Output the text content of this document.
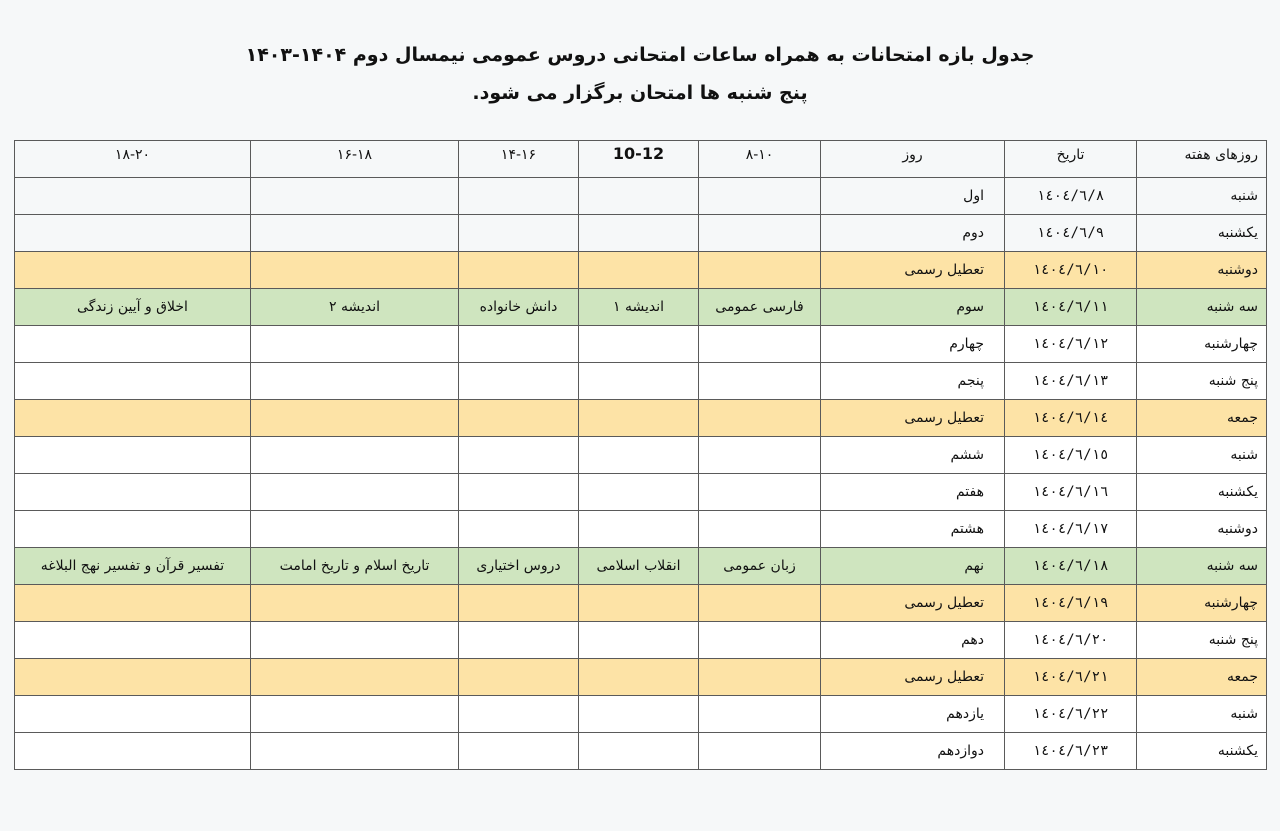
جدول بازه امتحانات به همراه ساعات امتحانی دروس عمومی نیمسال دوم ۱۴۰۴-۱۴۰۳
پنج شنبه ها امتحان برگزار می شود.
روزهای هفته	تاریخ	روز	۸-۱۰	10-12	۱۴-۱۶	۱۶-۱۸	۱۸-۲۰
شنبه	١٤٠٤/٦/٨	اول					
یکشنبه	١٤٠٤/٦/٩	دوم					
دوشنبه	١٤٠٤/٦/١٠	تعطیل رسمی					
سه شنبه	١٤٠٤/٦/١١	سوم	فارسی عمومی	اندیشه ۱	دانش خانواده	اندیشه ۲	اخلاق و آیین زندگی
چهارشنبه	١٤٠٤/٦/١٢	چهارم					
پنج شنبه	١٤٠٤/٦/١٣	پنجم					
جمعه	١٤٠٤/٦/١٤	تعطیل رسمی					
شنبه	١٤٠٤/٦/١٥	ششم					
یکشنبه	١٤٠٤/٦/١٦	هفتم					
دوشنبه	١٤٠٤/٦/١٧	هشتم					
سه شنبه	١٤٠٤/٦/١٨	نهم	زبان عمومی	انقلاب اسلامی	دروس اختیاری	تاریخ اسلام و تاریخ امامت	تفسیر قرآن و تفسیر نهج البلاغه
چهارشنبه	١٤٠٤/٦/١٩	تعطیل رسمی					
پنج شنبه	١٤٠٤/٦/٢٠	دهم					
جمعه	١٤٠٤/٦/٢١	تعطیل رسمی					
شنبه	١٤٠٤/٦/٢٢	یازدهم					
یکشنبه	١٤٠٤/٦/٢٣	دوازدهم					
